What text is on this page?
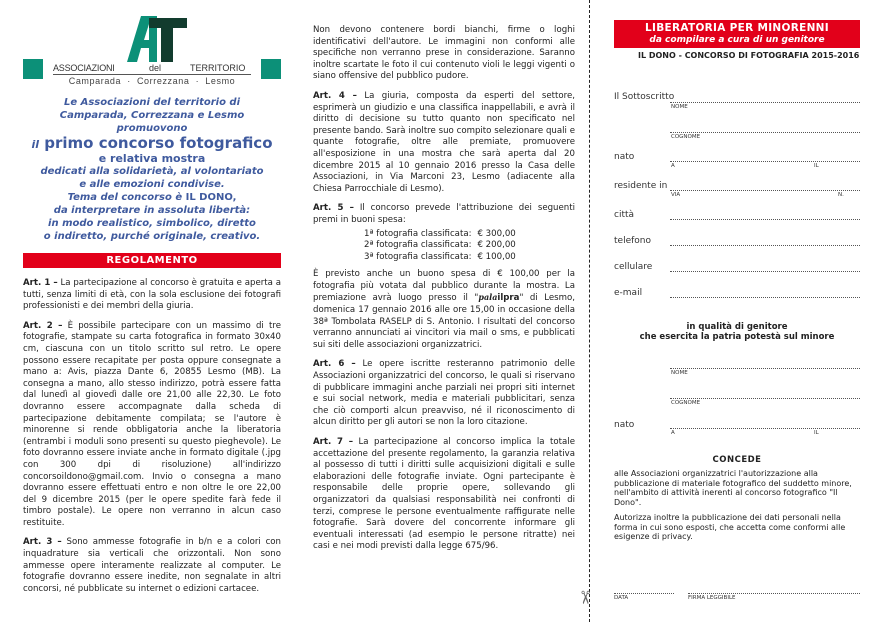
ASSOCIAZIONI	del	TERRITORIO
Camparada · Correzzana · Lesmo
Le Associazioni del territorio di
Camparada, Correzzana e Lesmo
promuovono
il primo concorso fotografico
e relativa mostra
dedicati alla solidarietà, al volontariato
e alle emozioni condivise.
Tema del concorso è IL DONO,
da interpretare in assoluta libertà:
in modo realistico, simbolico, diretto
o indiretto, purché originale, creativo.
REGOLAMENTO

Art. 1 – La partecipazione al concorso è gratuita e aperta a tutti, senza limiti di età, con la sola esclusione dei fotografi professionisti e dei membri della giuria.

Art. 2 – È possibile partecipare con un massimo di tre fotografie, stampate su carta fotografica in formato 30x40 cm, ciascuna con un titolo scritto sul retro. Le opere possono essere recapitate per posta oppure consegnate a mano a: Avis, piazza Dante 6, 20855 Lesmo (MB). La consegna a mano, allo stesso indirizzo, potrà essere fatta dal lunedì al giovedì dalle ore 21,00 alle 22,30. Le foto dovranno essere accompagnate dalla scheda di partecipazione debitamente compilata; se l'autore è minorenne si rende obbligatoria anche la liberatoria (entrambi i moduli sono presenti su questo pieghevole). Le foto dovranno essere inviate anche in formato digitale (.jpg con 300 dpi di risoluzione) all'indirizzo concorsoildono@gmail.com. Invio o consegna a mano dovranno essere effettuati entro e non oltre le ore 22,00 del 9 dicembre 2015 (per le opere spedite farà fede il timbro postale). Le opere non verranno in alcun caso restituite.

Art. 3 – Sono ammesse fotografie in b/n e a colori con inquadrature sia verticali che orizzontali. Non sono ammesse opere interamente realizzate al computer. Le fotografie dovranno essere inedite, non segnalate in altri concorsi, né pubblicate su internet o edizioni cartacee.

Non devono contenere bordi bianchi, firme o loghi identificativi dell'autore. Le immagini non conformi alle specifiche non verranno prese in considerazione. Saranno inoltre scartate le foto il cui contenuto violi le leggi vigenti o siano offensive del pubblico pudore.

Art. 4 – La giuria, composta da esperti del settore, esprimerà un giudizio e una classifica inappellabili, e avrà il diritto di decisione su tutto quanto non specificato nel presente bando. Sarà inoltre suo compito selezionare quali e quante fotografie, oltre alle premiate, promuovere all'esposizione in una mostra che sarà aperta dal 20 dicembre 2015 al 10 gennaio 2016 presso la Casa delle Associazioni, in Via Marconi 23, Lesmo (adiacente alla Chiesa Parrocchiale di Lesmo).

Art. 5 – Il concorso prevede l'attribuzione dei seguenti premi in buoni spesa:

1ª fotografia classificata: € 300,00
2ª fotografia classificata: € 200,00
3ª fotografia classificata: € 100,00

È previsto anche un buono spesa di € 100,00 per la fotografia più votata dal pubblico durante la mostra. La premiazione avrà luogo presso il "palailpra" di Lesmo, domenica 17 gennaio 2016 alle ore 15,00 in occasione della 38ª Tombolata RASELP di S. Antonio. I risultati del concorso verranno annunciati ai vincitori via mail o sms, e pubblicati sui siti delle associazioni organizzatrici.

Art. 6 – Le opere iscritte resteranno patrimonio delle Associazioni organizzatrici del concorso, le quali si riservano di pubblicare immagini anche parziali nei propri siti internet e sui social network, media e materiali pubblicitari, senza che ciò comporti alcun preavviso, né il riconoscimento di alcun diritto per gli autori se non la loro citazione.

Art. 7 – La partecipazione al concorso implica la totale accettazione del presente regolamento, la garanzia relativa al possesso di tutti i diritti sulle acquisizioni digitali e sulle elaborazioni delle fotografie inviate. Ogni partecipante è responsabile delle proprie opere, sollevando gli organizzatori da qualsiasi responsabilità nei confronti di terzi, comprese le persone eventualmente raffigurate nelle fotografie. Sarà dovere del concorrente informare gli eventuali interessati (ad esempio le persone ritratte) nei casi e nei modi previsti dalla legge 675/96.

✂
LIBERATORIA PER MINORENNI
da compilare a cura di un genitore
IL DONO - CONCORSO DI FOTOGRAFIA 2015-2016
Il Sottoscritto
NOME
COGNOME
nato
A	IL
residente in
VIA	N.
città
telefono
cellulare
e-mail
in qualità di genitore
che esercita la patria potestà sul minore
NOME
COGNOME
nato
A	IL
CONCEDE

alle Associazioni organizzatrici l'autorizzazione alla pubblicazione di materiale fotografico del suddetto minore, nell'ambito di attività inerenti al concorso fotografico "Il Dono".

Autorizza inoltre la pubblicazione dei dati personali nella forma in cui sono esposti, che accetta come conformi alle esigenze di privacy.

DATA	FIRMA LEGGIBILE
